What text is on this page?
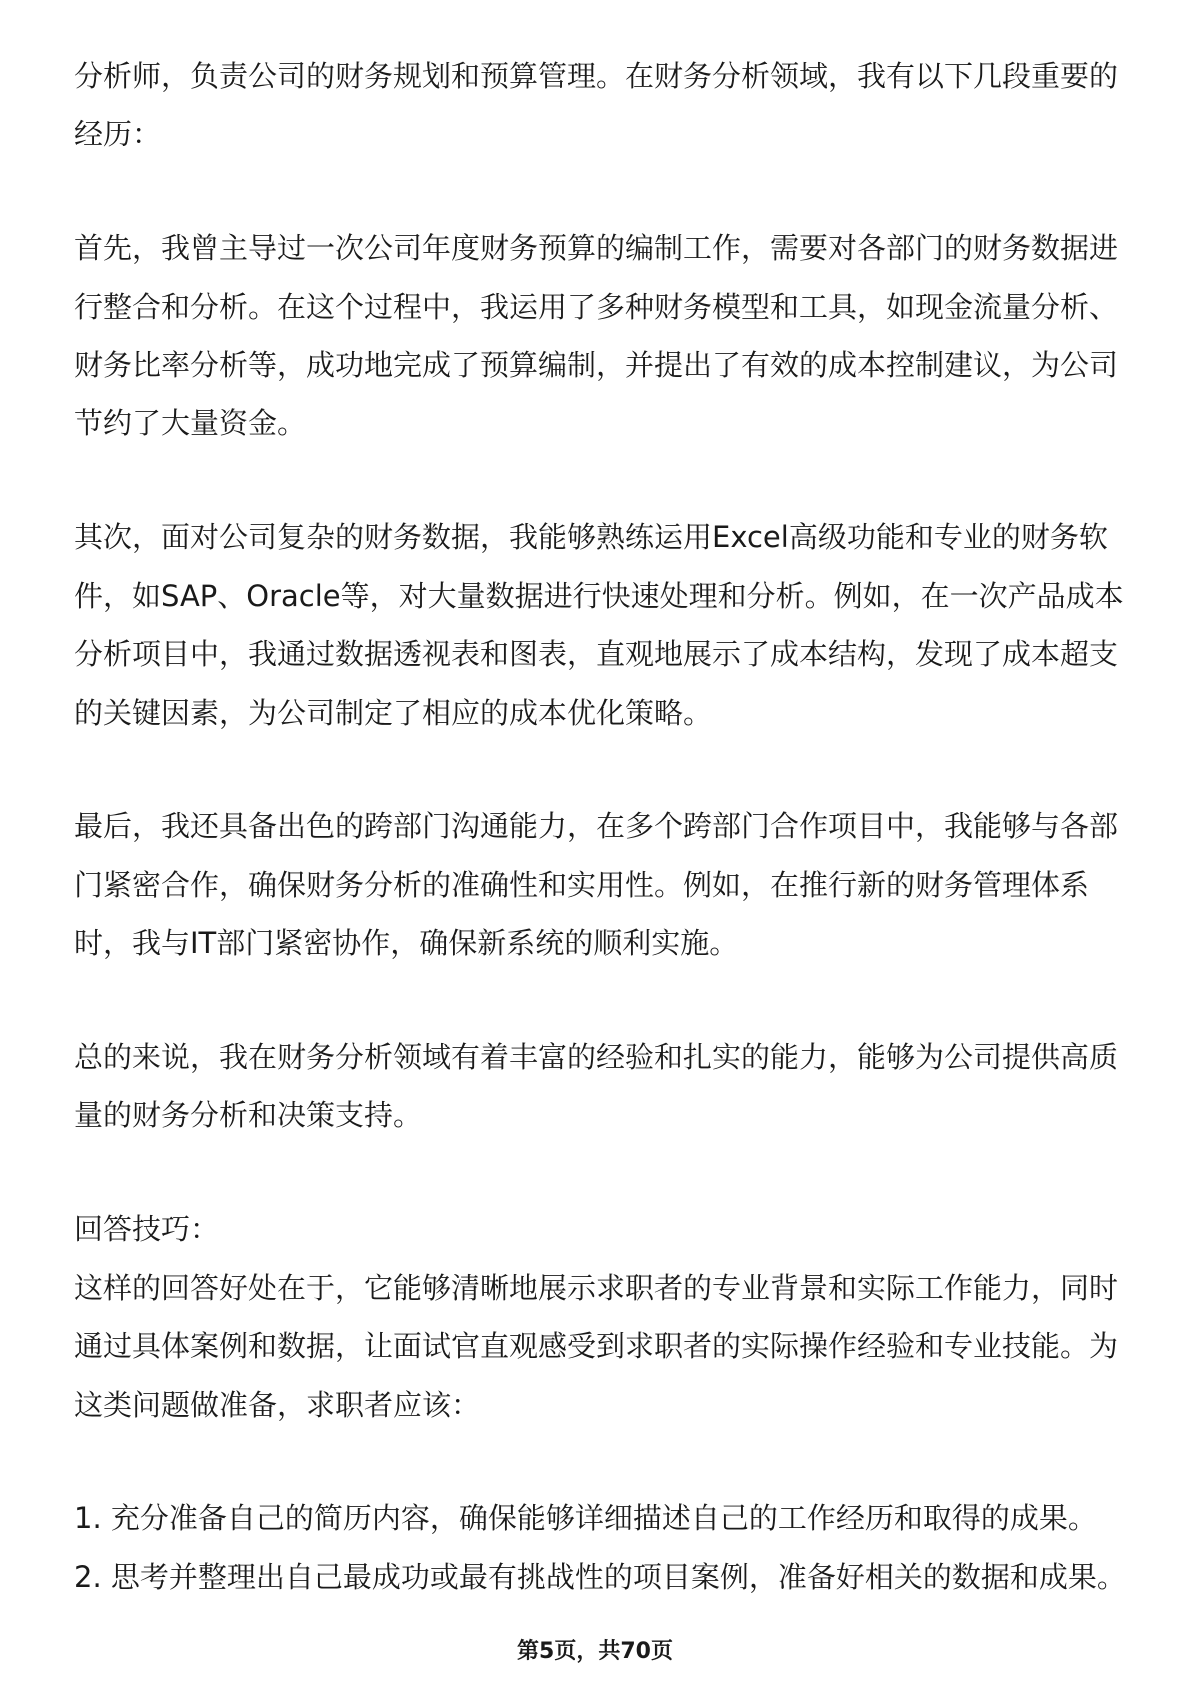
分析师，负责公司的财务规划和预算管理。在财务分析领域，我有以下几段重要的
经历：
首先，我曾主导过一次公司年度财务预算的编制工作，需要对各部门的财务数据进
行整合和分析。在这个过程中，我运用了多种财务模型和工具，如现金流量分析、
财务比率分析等，成功地完成了预算编制，并提出了有效的成本控制建议，为公司
节约了大量资金。
其次，面对公司复杂的财务数据，我能够熟练运用Excel高级功能和专业的财务软
件，如SAP、Oracle等，对大量数据进行快速处理和分析。例如，在一次产品成本
分析项目中，我通过数据透视表和图表，直观地展示了成本结构，发现了成本超支
的关键因素，为公司制定了相应的成本优化策略。
最后，我还具备出色的跨部门沟通能力，在多个跨部门合作项目中，我能够与各部
门紧密合作，确保财务分析的准确性和实用性。例如，在推行新的财务管理体系
时，我与IT部门紧密协作，确保新系统的顺利实施。
总的来说，我在财务分析领域有着丰富的经验和扎实的能力，能够为公司提供高质
量的财务分析和决策支持。
回答技巧：
这样的回答好处在于，它能够清晰地展示求职者的专业背景和实际工作能力，同时
通过具体案例和数据，让面试官直观感受到求职者的实际操作经验和专业技能。为
这类问题做准备，求职者应该：
1. 充分准备自己的简历内容，确保能够详细描述自己的工作经历和取得的成果。
2. 思考并整理出自己最成功或最有挑战性的项目案例，准备好相关的数据和成果。
第5页，共70页
